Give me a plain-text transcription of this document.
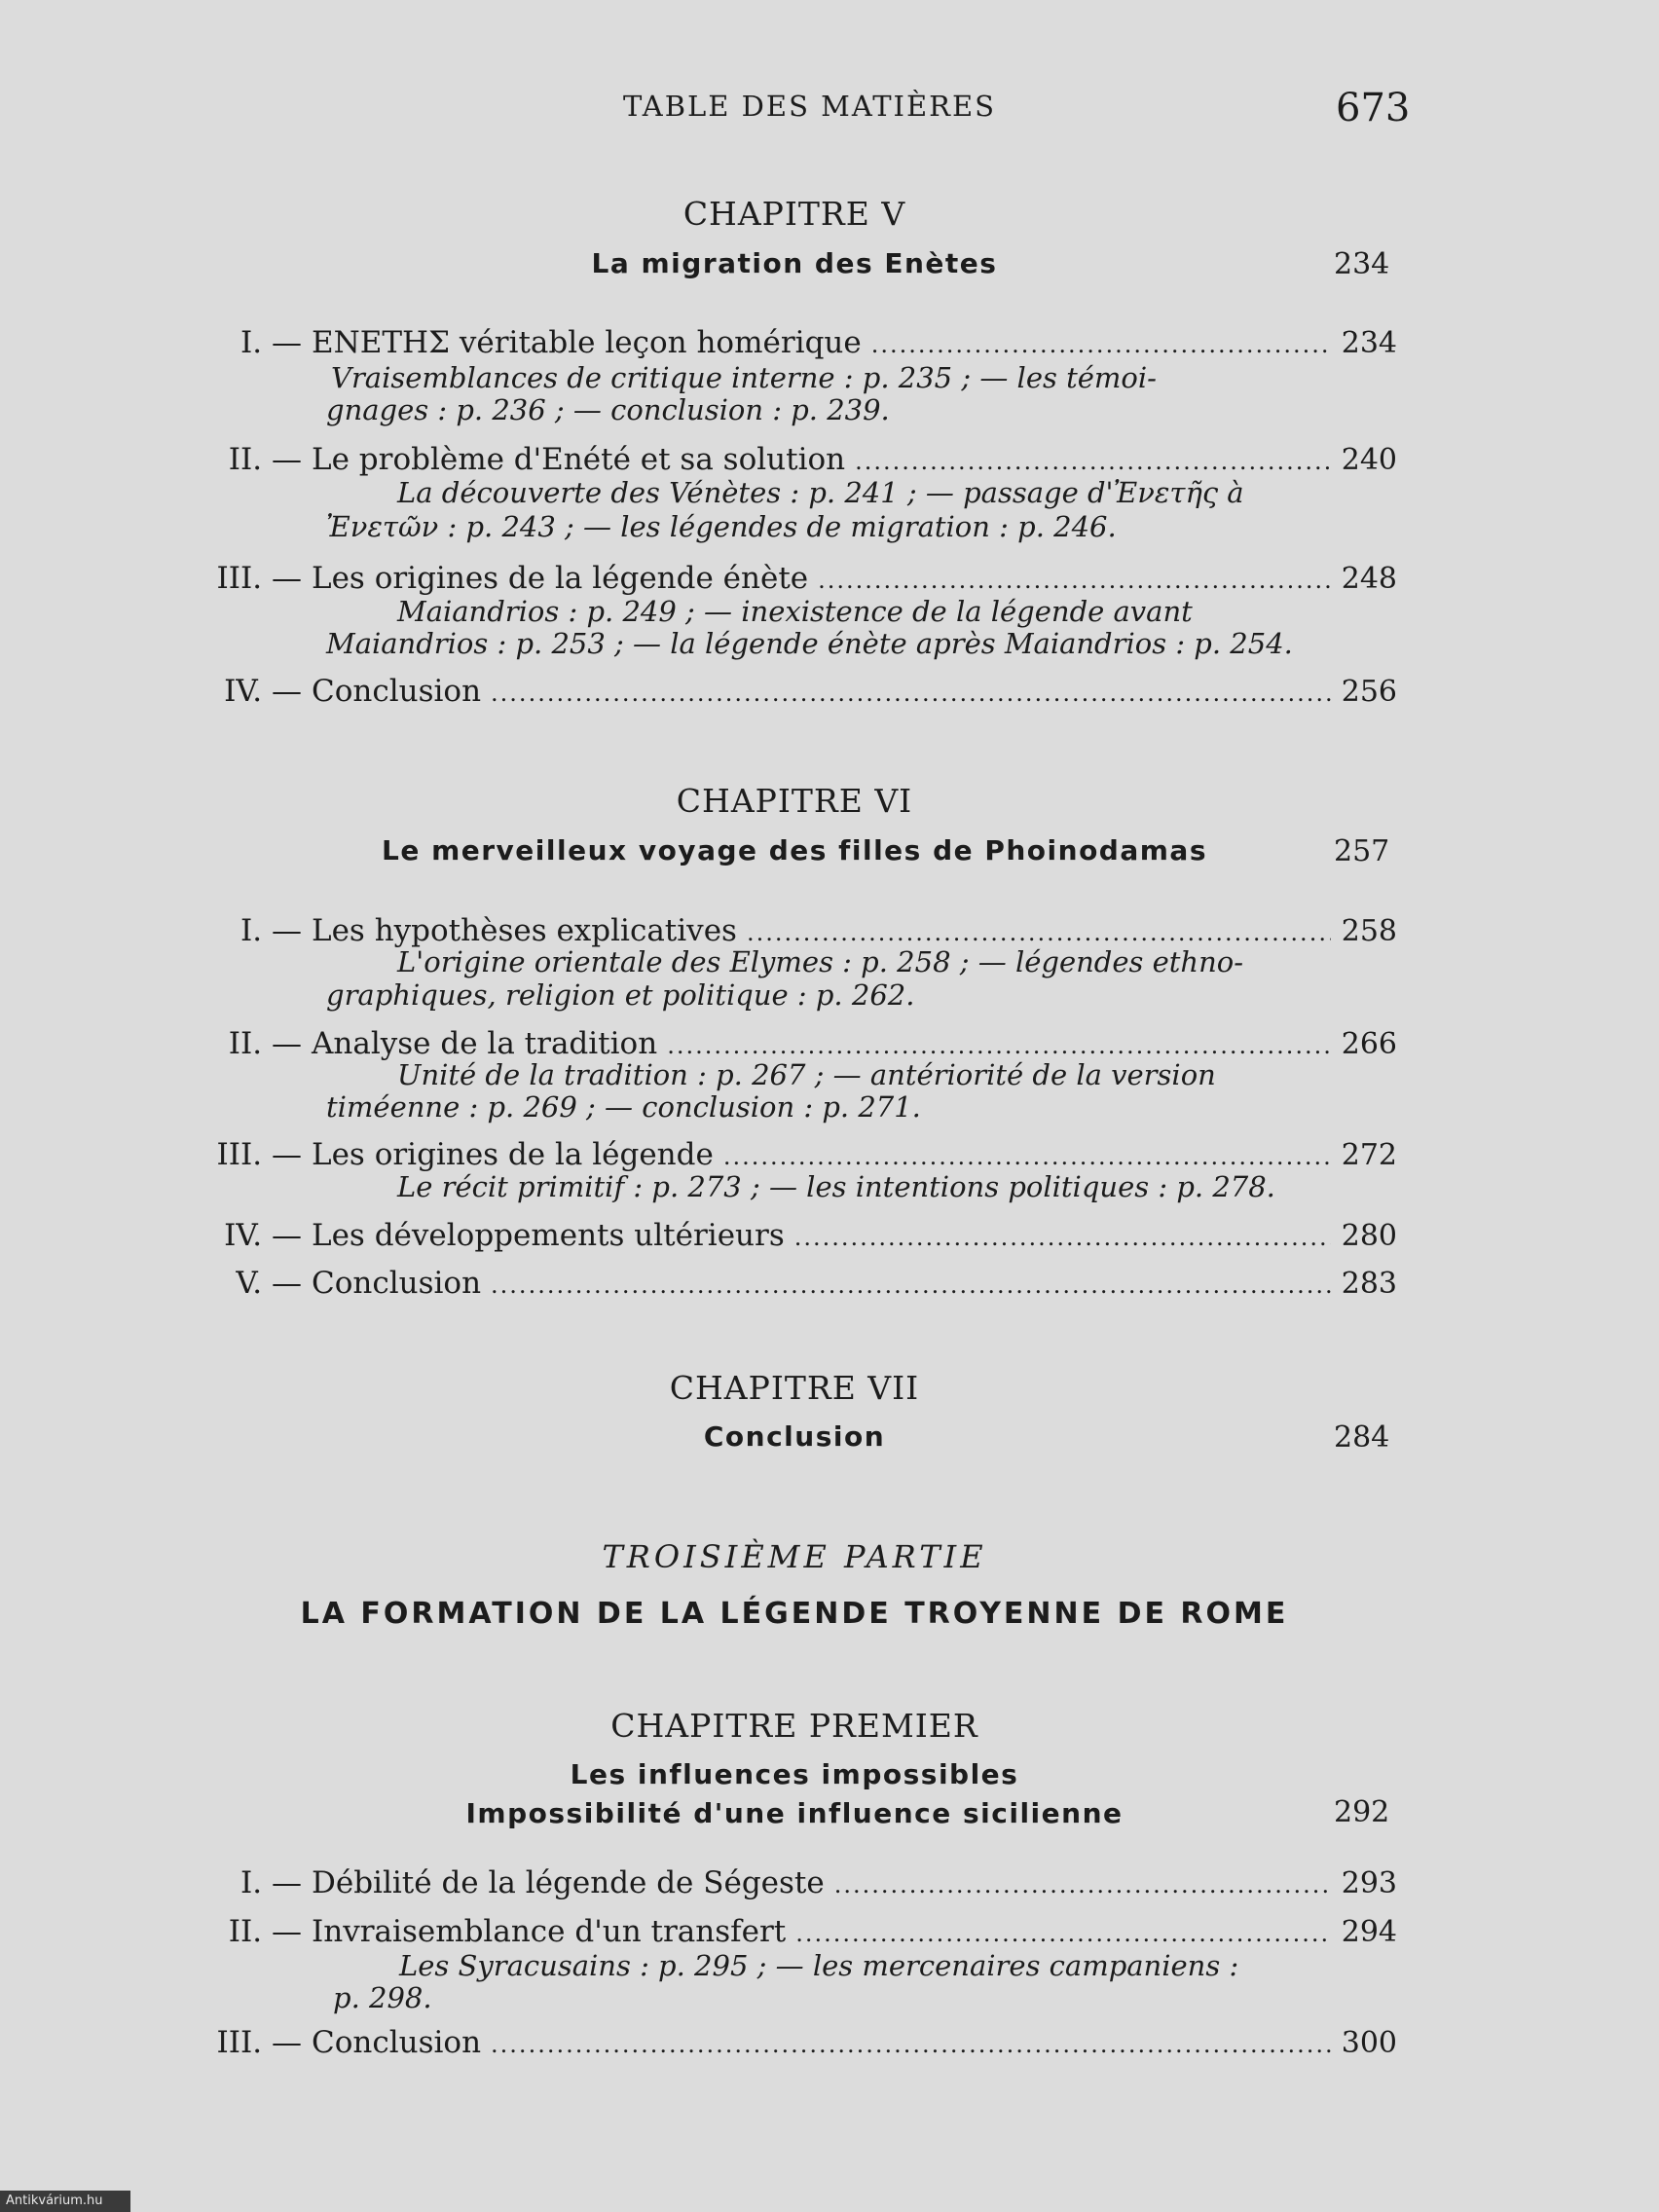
TABLE DES MATIÈRES	673
CHAPITRE V
La migration des Enètes	234
I. — ΕΝΕΤΗΣ véritable leçon homérique .....	234
Vraisemblances de critique interne : p. 235 ; — les témoi-
gnages : p. 236 ; — conclusion : p. 239.
II. — Le problème d'Enété et sa solution .....	240
La découverte des Vénètes : p. 241 ; — passage d'Ἐνετῆς à
Ἐνετῶν : p. 243 ; — les légendes de migration : p. 246.
III. — Les origines de la légende énète .....	248
Maiandrios : p. 249 ; — inexistence de la légende avant
Maiandrios : p. 253 ; — la légende énète après Maiandrios : p. 254.
IV. — Conclusion .....	256
CHAPITRE VI
Le merveilleux voyage des filles de Phoinodamas	257
I. — Les hypothèses explicatives .....	258
L'origine orientale des Elymes : p. 258 ; — légendes ethno-
graphiques, religion et politique : p. 262.
II. — Analyse de la tradition .....	266
Unité de la tradition : p. 267 ; — antériorité de la version
timéenne : p. 269 ; — conclusion : p. 271.
III. — Les origines de la légende .....	272
Le récit primitif : p. 273 ; — les intentions politiques : p. 278.
IV. — Les développements ultérieurs .....	280
V. — Conclusion .....	283
CHAPITRE VII
Conclusion	284
TROISIÈME PARTIE
LA FORMATION DE LA LÉGENDE TROYENNE DE ROME
CHAPITRE PREMIER
Les influences impossibles
Impossibilité d'une influence sicilienne	292
I. — Débilité de la légende de Ségeste .....	293
II. — Invraisemblance d'un transfert .....	294
Les Syracusains : p. 295 ; — les mercenaires campaniens :
p. 298.
III. — Conclusion .....	300
Antikvárium.hu
